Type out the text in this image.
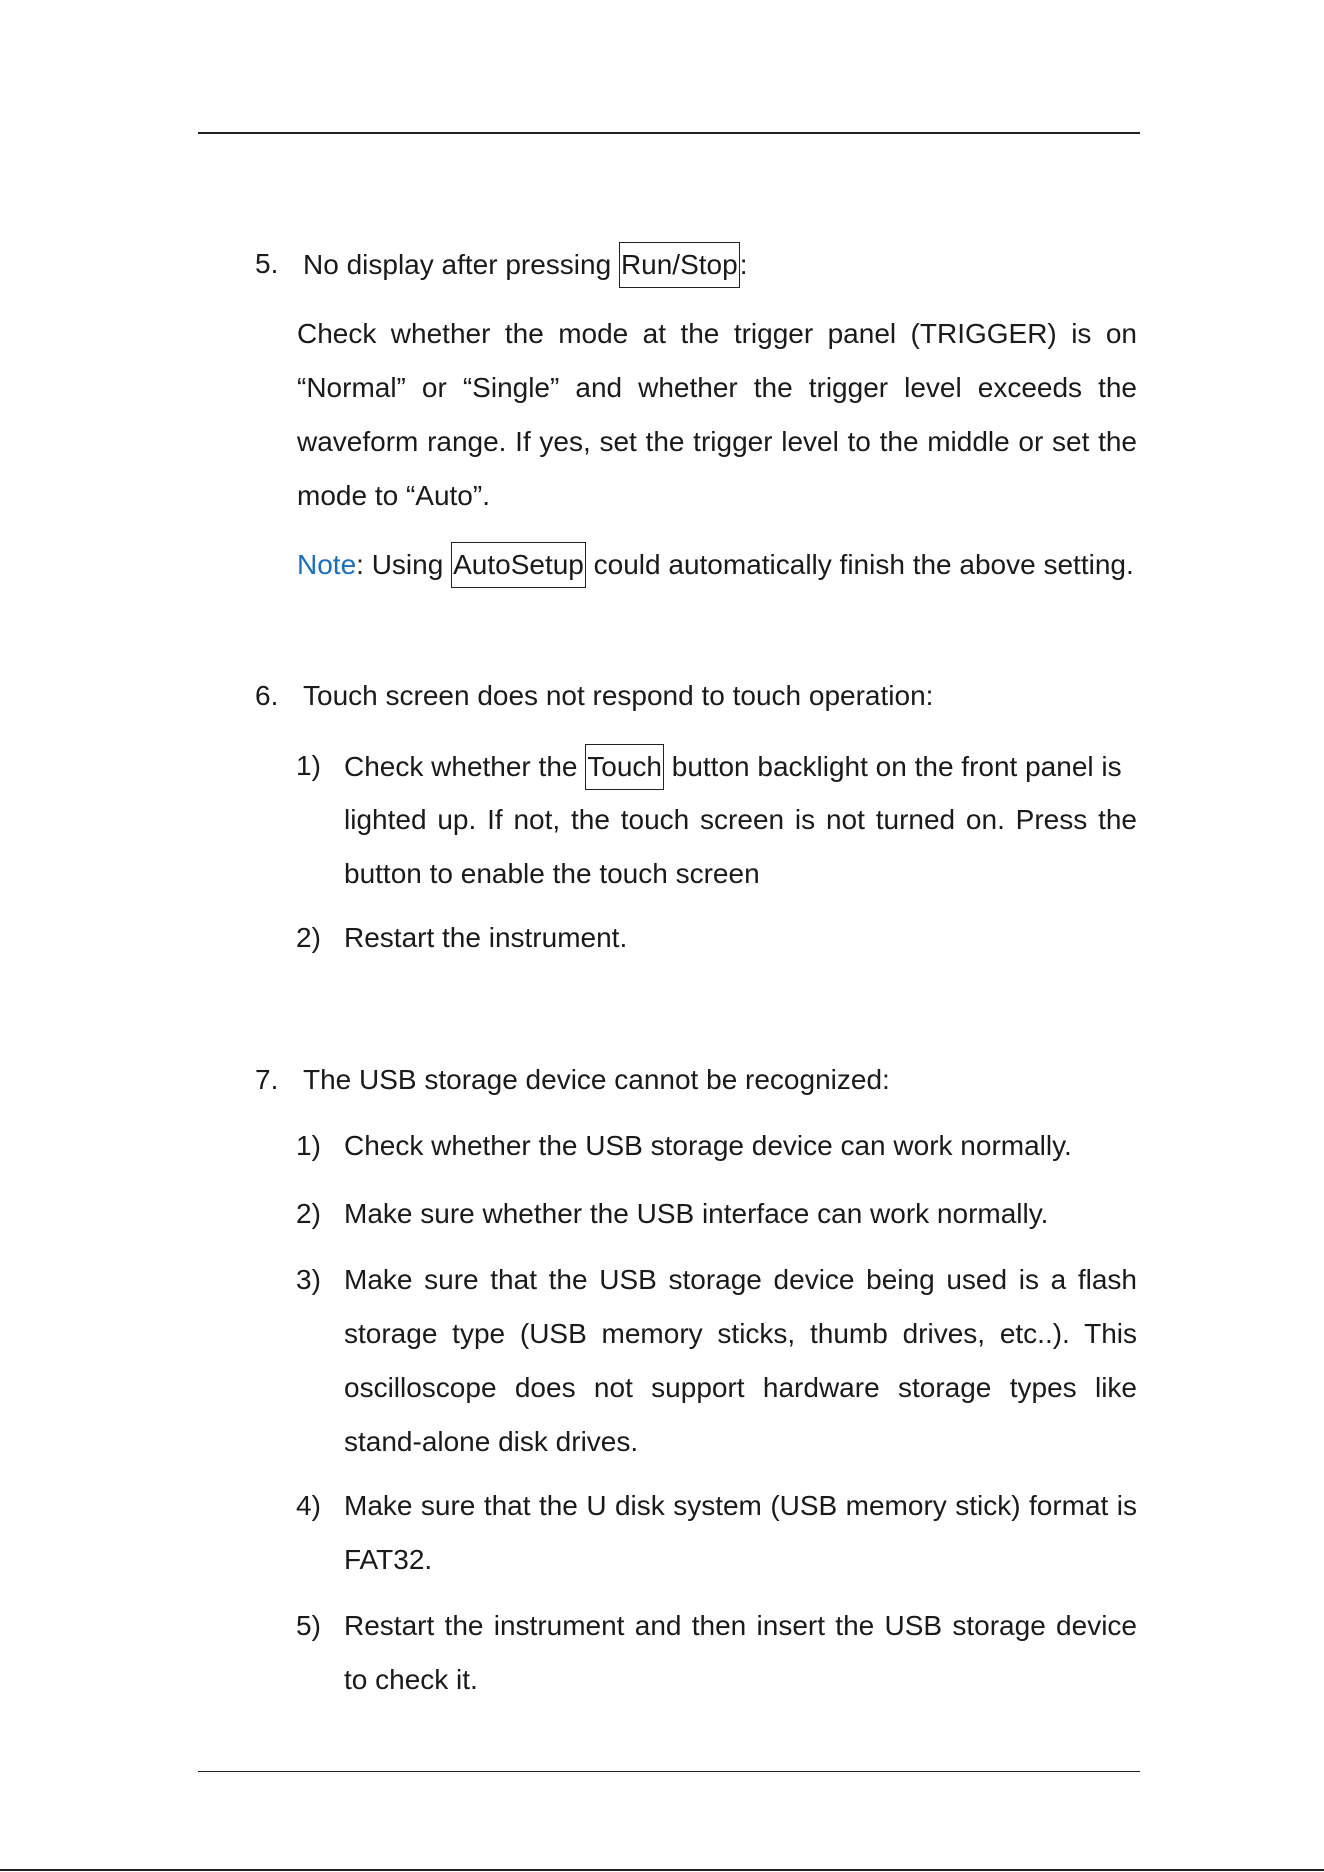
5. No display after pressing Run/Stop:
Check whether the mode at the trigger panel (TRIGGER) is on
“Normal” or “Single” and whether the trigger level exceeds the
waveform range. If yes, set the trigger level to the middle or set the
mode to “Auto”.
Note: Using AutoSetup could automatically finish the above setting.
6. Touch screen does not respond to touch operation:
1) Check whether the Touch button backlight on the front panel is
lighted up. If not, the touch screen is not turned on. Press the
button to enable the touch screen
2) Restart the instrument.
7. The USB storage device cannot be recognized:
1) Check whether the USB storage device can work normally.
2) Make sure whether the USB interface can work normally.
3) Make sure that the USB storage device being used is a flash
storage type (USB memory sticks, thumb drives, etc..). This
oscilloscope does not support hardware storage types like
stand-alone disk drives.
4) Make sure that the U disk system (USB memory stick) format is
FAT32.
5) Restart the instrument and then insert the USB storage device
to check it.
